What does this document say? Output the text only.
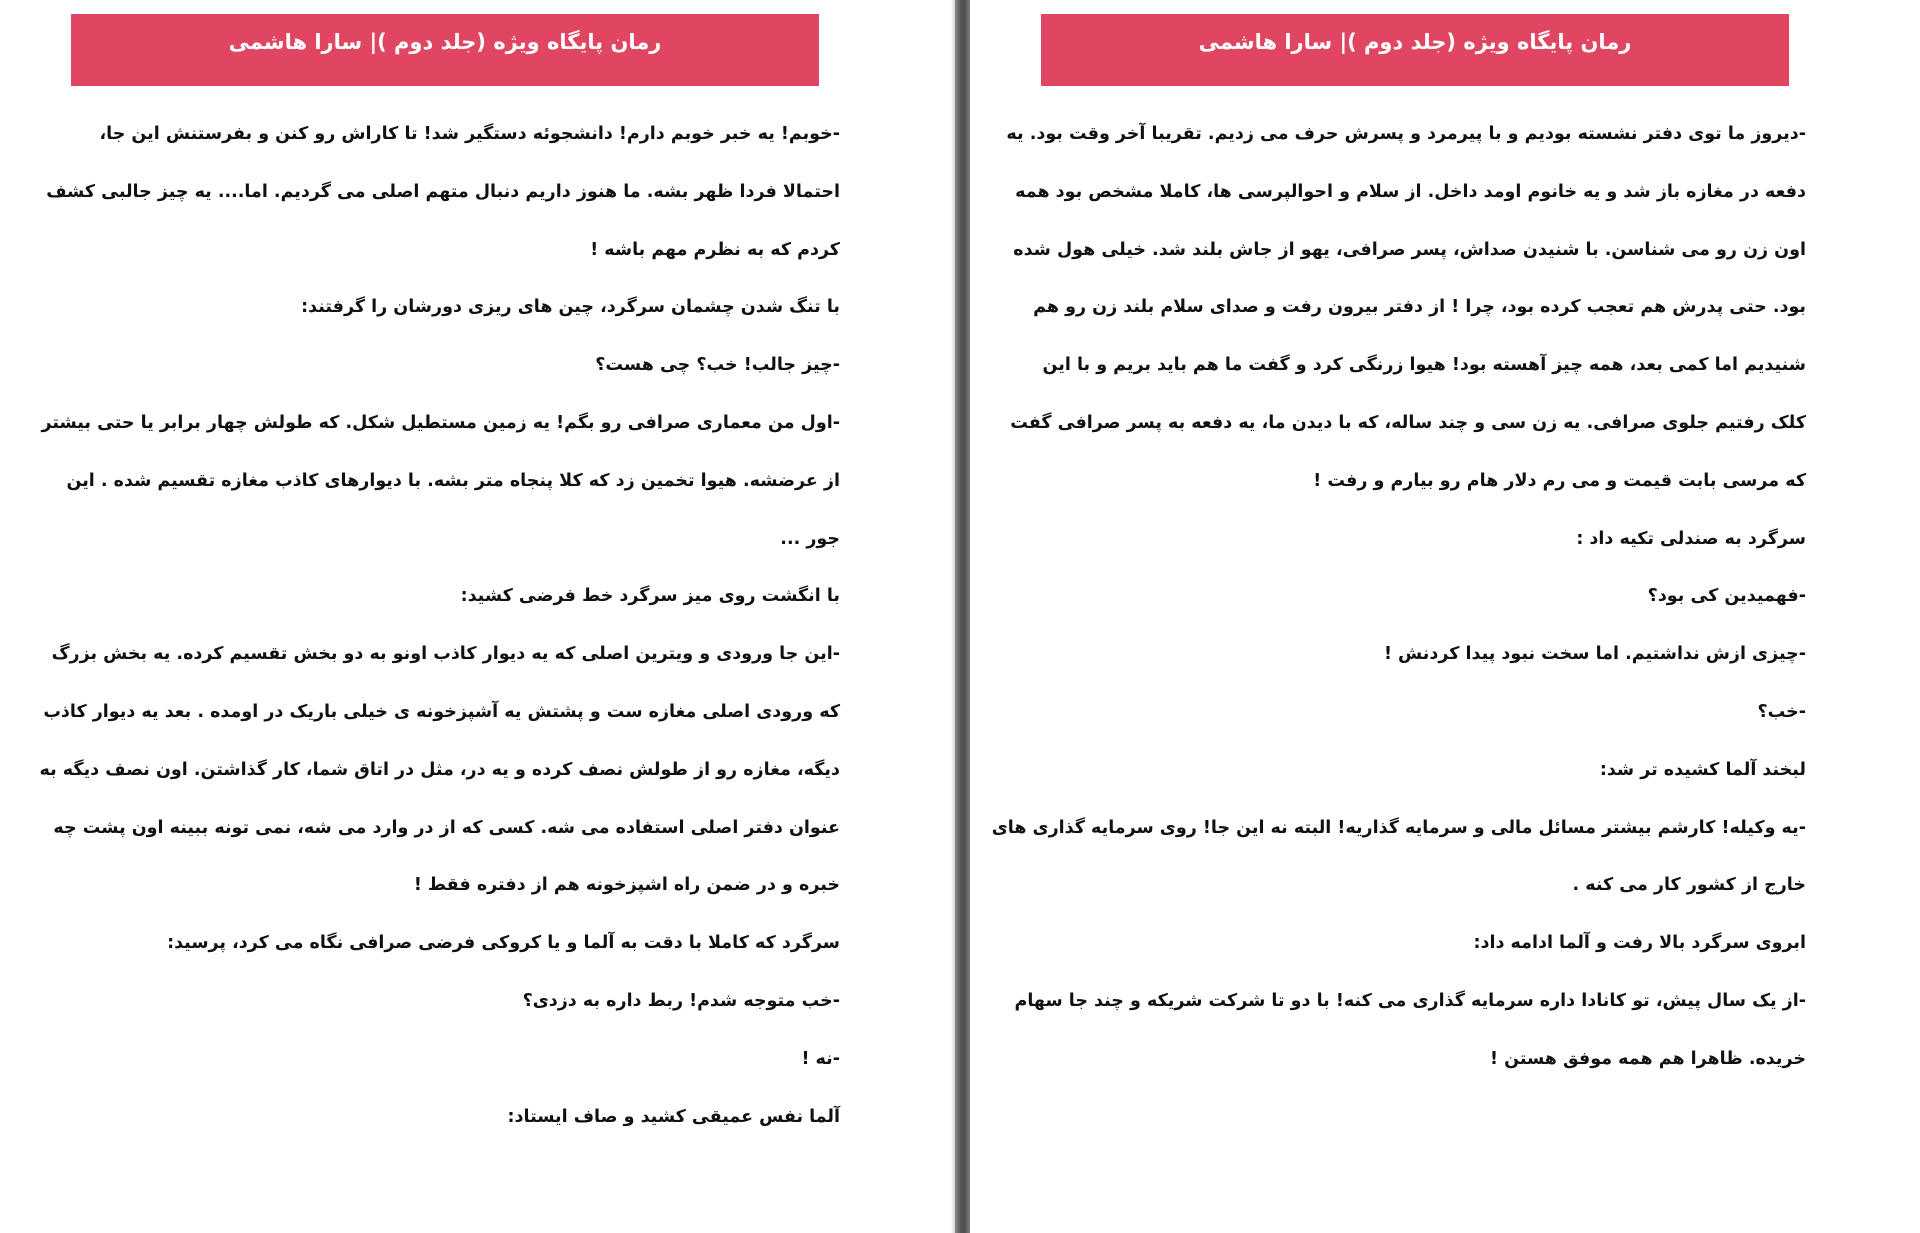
رمان پایگاه ویژه (جلد دوم )| سارا هاشمی
-خوبم! یه خبر خوبم دارم! دانشجوئه دستگیر شد! تا کاراش رو کنن و بفرستنش این جا،
احتمالا فردا ظهر بشه. ما هنوز داریم دنبال متهم اصلی می گردیم. اما.... یه چیز جالبی کشف
کردم که به نظرم مهم باشه !
با تنگ شدن چشمان سرگرد، چین های ریزی دورشان را گرفتند:
-چیز جالب! خب؟ چی هست؟
-اول من معماری صرافی رو بگم! یه زمین مستطیل شکل. که طولش چهار برابر یا حتی بیشتر
از عرضشه. هیوا تخمین زد که کلا پنجاه متر بشه. با دیوارهای کاذب مغازه تقسیم شده . این
جور ...
با انگشت روی میز سرگرد خط فرضی کشید:
-این جا ورودی و ویترین اصلی که یه دیوار کاذب اونو به دو بخش تقسیم کرده. یه بخش بزرگ
که ورودی اصلی مغازه ست و پشتش یه آشپزخونه ی خیلی باریک در اومده . بعد یه دیوار کاذب
دیگه، مغازه رو از طولش نصف کرده و یه در، مثل در اتاق شما، کار گذاشتن. اون نصف دیگه به
عنوان دفتر اصلی استفاده می شه. کسی که از در وارد می شه، نمی تونه ببینه اون پشت چه
خبره و در ضمن راه اشپزخونه هم از دفتره فقط !
سرگرد که کاملا با دقت به آلما و یا کروکی فرضی صرافی نگاه می کرد، پرسید:
-خب متوجه شدم! ربط داره به دزدی؟
-نه !
آلما نفس عمیقی کشید و صاف ایستاد:
رمان پایگاه ویژه (جلد دوم )| سارا هاشمی
-دیروز ما توی دفتر نشسته بودیم و با پیرمرد و پسرش حرف می زدیم. تقریبا آخر وقت بود. یه
دفعه در مغازه باز شد و یه خانوم اومد داخل. از سلام و احوالپرسی ها، کاملا مشخص بود همه
اون زن رو می شناسن. با شنیدن صداش، پسر صرافی، یهو از جاش بلند شد. خیلی هول شده
بود. حتی پدرش هم تعجب کرده بود، چرا ! از دفتر بیرون رفت و صدای سلام بلند زن رو هم
شنیدیم اما کمی بعد، همه چیز آهسته بود! هیوا زرنگی کرد و گفت ما هم باید بریم و با این
کلک رفتیم جلوی صرافی. یه زن سی و چند ساله، که با دیدن ما، یه دفعه به پسر صرافی گفت
که مرسی بابت قیمت و می رم دلار هام رو بیارم و رفت !
سرگرد به صندلی تکیه داد :
-فهمیدین کی بود؟
-چیزی ازش نداشتیم. اما سخت نبود پیدا کردنش !
-خب؟
لبخند آلما کشیده تر شد:
-یه وکیله! کارشم بیشتر مسائل مالی و سرمایه گذاریه! البته نه این جا! روی سرمایه گذاری های
خارج از کشور کار می کنه .
ابروی سرگرد بالا رفت و آلما ادامه داد:
-از یک سال پیش، تو کانادا داره سرمایه گذاری می کنه! با دو تا شرکت شریکه و چند جا سهام
خریده. ظاهرا هم همه موفق هستن !
